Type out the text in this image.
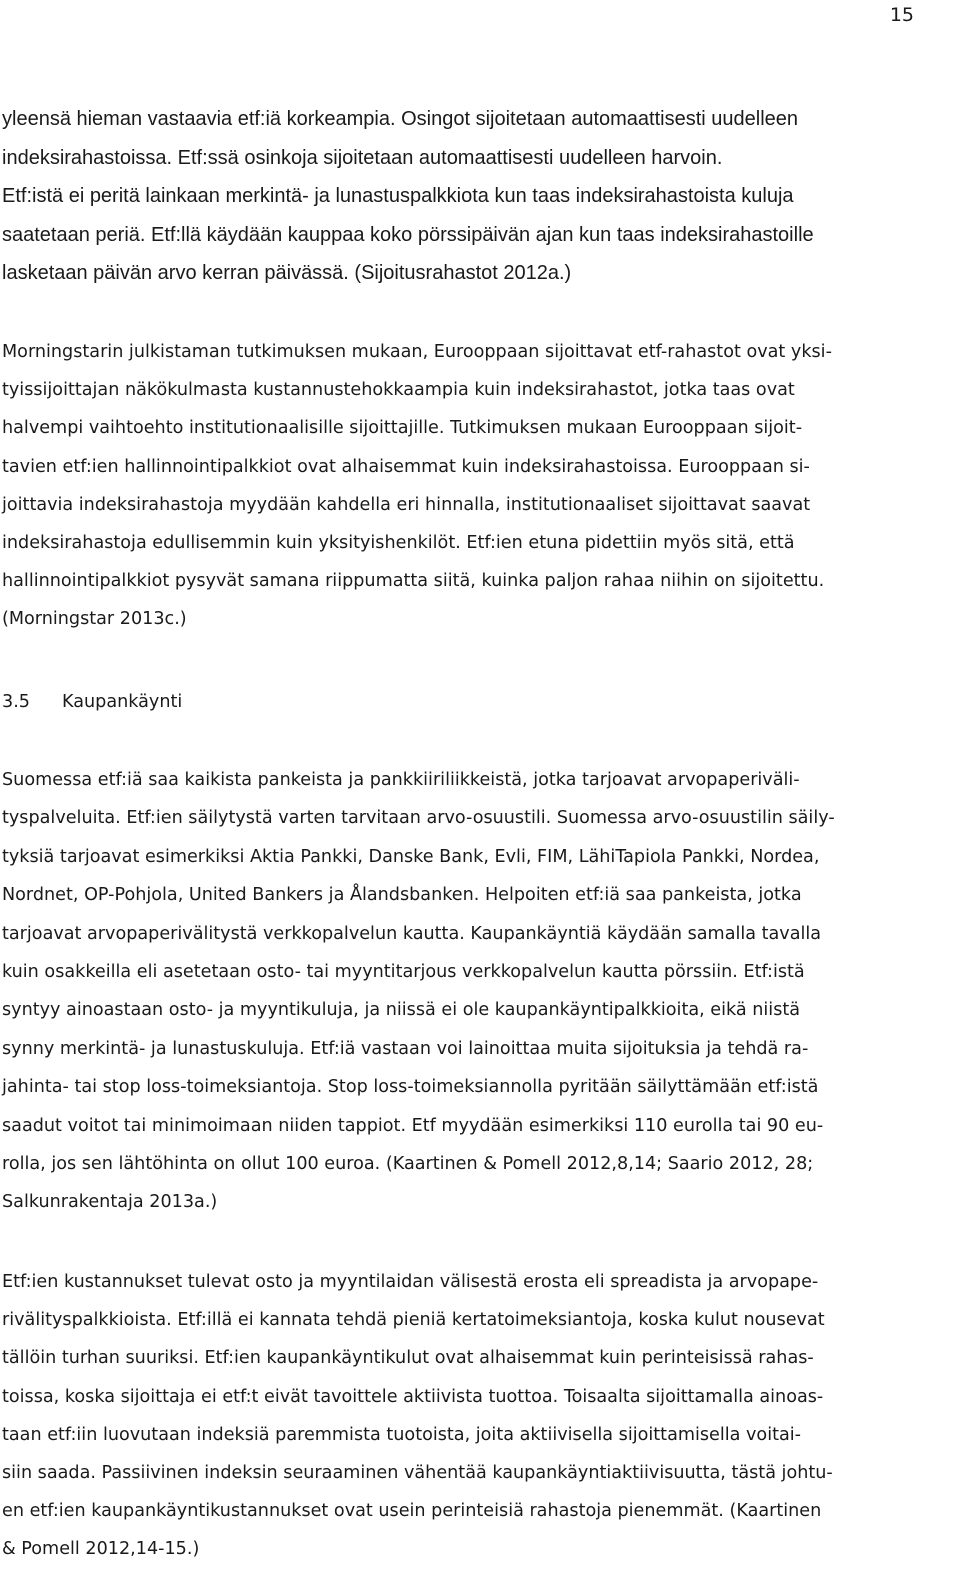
15
yleensä hieman vastaavia etf:iä korkeampia. Osingot sijoitetaan automaattisesti uudelleen
indeksirahastoissa. Etf:ssä osinkoja sijoitetaan automaattisesti uudelleen harvoin.
Etf:istä ei peritä lainkaan merkintä- ja lunastuspalkkiota kun taas indeksirahastoista kuluja
saatetaan periä. Etf:llä käydään kauppaa koko pörssipäivän ajan kun taas indeksirahastoille
lasketaan päivän arvo kerran päivässä. (Sijoitusrahastot 2012a.)
Morningstarin julkistaman tutkimuksen mukaan, Eurooppaan sijoittavat etf-rahastot ovat yksi-
tyissijoittajan näkökulmasta kustannustehokkaampia kuin indeksirahastot, jotka taas ovat
halvempi vaihtoehto institutionaalisille sijoittajille. Tutkimuksen mukaan Eurooppaan sijoit-
tavien etf:ien hallinnointipalkkiot ovat alhaisemmat kuin indeksirahastoissa. Eurooppaan si-
joittavia indeksirahastoja myydään kahdella eri hinnalla, institutionaaliset sijoittavat saavat
indeksirahastoja edullisemmin kuin yksityishenkilöt. Etf:ien etuna pidettiin myös sitä, että
hallinnointipalkkiot pysyvät samana riippumatta siitä, kuinka paljon rahaa niihin on sijoitettu.
(Morningstar 2013c.)
3.5 Kaupankäynti
Suomessa etf:iä saa kaikista pankeista ja pankkiiriliikkeistä, jotka tarjoavat arvopaperiväli-
tyspalveluita. Etf:ien säilytystä varten tarvitaan arvo-osuustili. Suomessa arvo-osuustilin säily-
tyksiä tarjoavat esimerkiksi Aktia Pankki, Danske Bank, Evli, FIM, LähiTapiola Pankki, Nordea,
Nordnet, OP-Pohjola, United Bankers ja Ålandsbanken. Helpoiten etf:iä saa pankeista, jotka
tarjoavat arvopaperivälitystä verkkopalvelun kautta. Kaupankäyntiä käydään samalla tavalla
kuin osakkeilla eli asetetaan osto- tai myyntitarjous verkkopalvelun kautta pörssiin. Etf:istä
syntyy ainoastaan osto- ja myyntikuluja, ja niissä ei ole kaupankäyntipalkkioita, eikä niistä
synny merkintä- ja lunastuskuluja. Etf:iä vastaan voi lainoittaa muita sijoituksia ja tehdä ra-
jahinta- tai stop loss-toimeksiantoja. Stop loss-toimeksiannolla pyritään säilyttämään etf:istä
saadut voitot tai minimoimaan niiden tappiot. Etf myydään esimerkiksi 110 eurolla tai 90 eu-
rolla, jos sen lähtöhinta on ollut 100 euroa. (Kaartinen & Pomell 2012,8,14; Saario 2012, 28;
Salkunrakentaja 2013a.)
Etf:ien kustannukset tulevat osto ja myyntilaidan välisestä erosta eli spreadista ja arvopape-
rivälityspalkkioista. Etf:illä ei kannata tehdä pieniä kertatoimeksiantoja, koska kulut nousevat
tällöin turhan suuriksi. Etf:ien kaupankäyntikulut ovat alhaisemmat kuin perinteisissä rahas-
toissa, koska sijoittaja ei etf:t eivät tavoittele aktiivista tuottoa. Toisaalta sijoittamalla ainoas-
taan etf:iin luovutaan indeksiä paremmista tuotoista, joita aktiivisella sijoittamisella voitai-
siin saada. Passiivinen indeksin seuraaminen vähentää kaupankäyntiaktiivisuutta, tästä johtu-
en etf:ien kaupankäyntikustannukset ovat usein perinteisiä rahastoja pienemmät. (Kaartinen
& Pomell 2012,14-15.)
